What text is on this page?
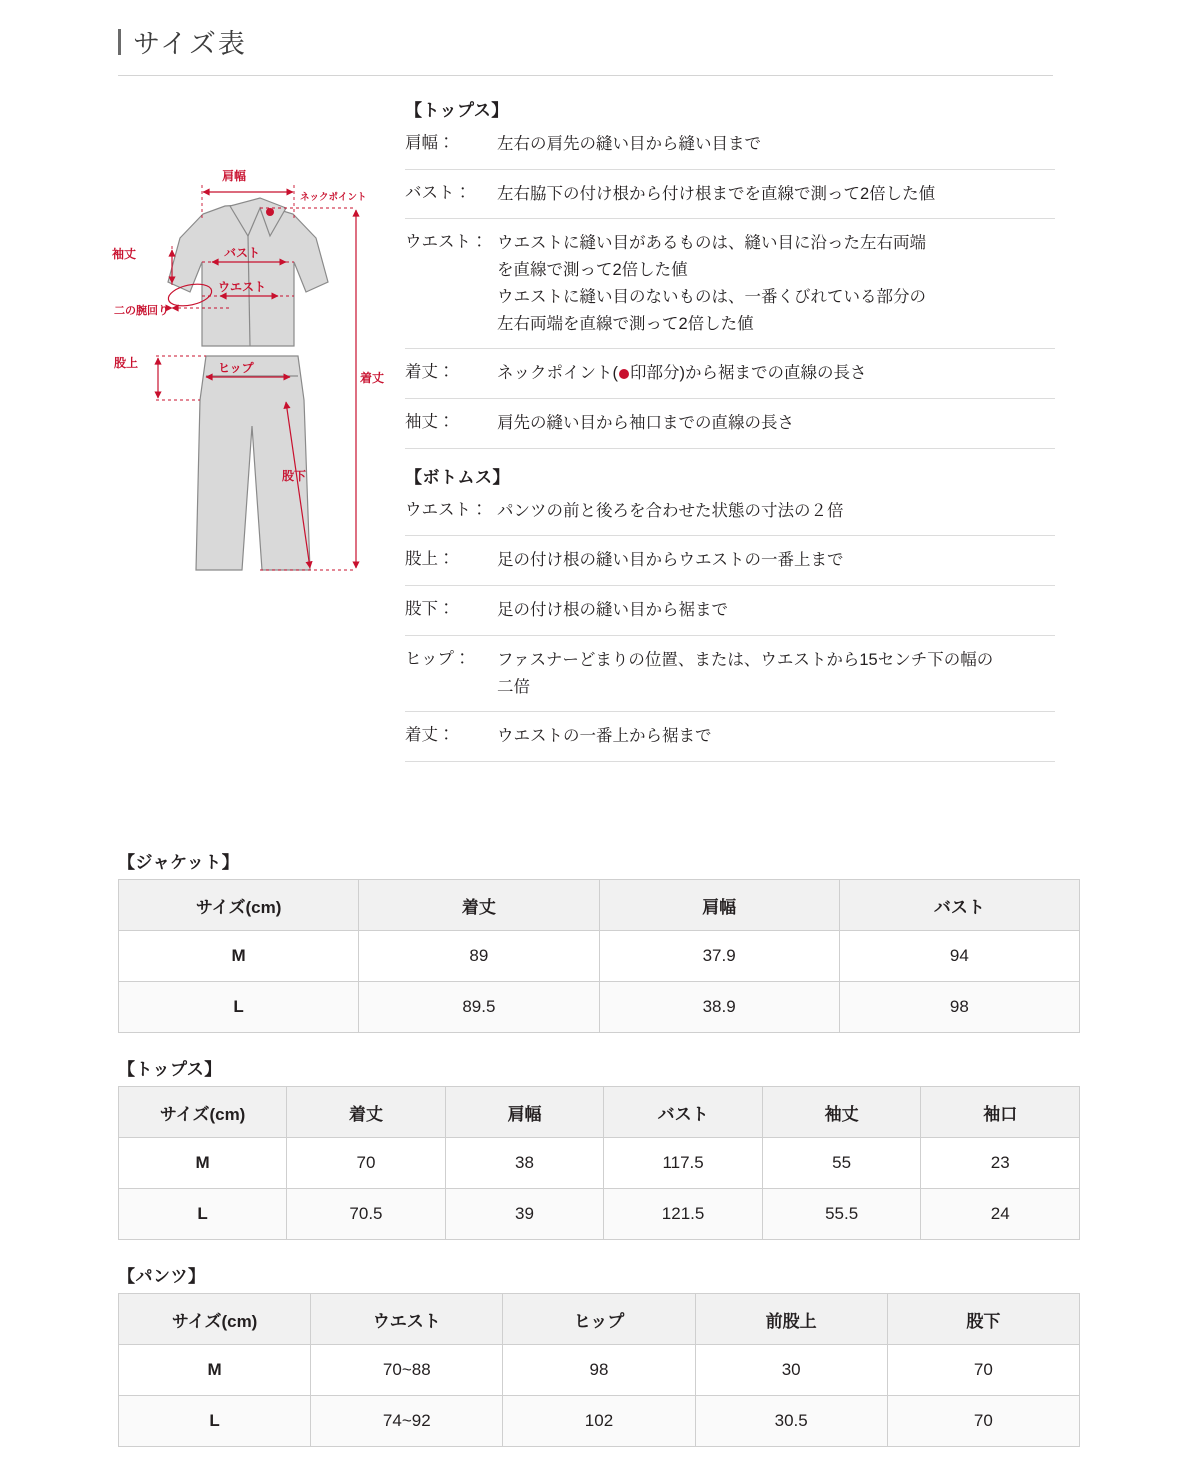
サイズ表
肩幅
ネックポイント
袖丈	バスト
ウエスト
二の腕回り
股上	ヒップ
着丈
股下
【トップス】
肩幅：	左右の肩先の縫い目から縫い目まで
バスト：	左右脇下の付け根から付け根までを直線で測って2倍した値
ウエスト： ウエストに縫い目があるものは、縫い目に沿った左右両端
を直線で測って2倍した値
ウエストに縫い目のないものは、一番くびれている部分の
左右両端を直線で測って2倍した値
着丈：	ネックポイント( 印部分)から裾までの直線の長さ
袖丈：	肩先の縫い目から袖口までの直線の長さ
【ボトムス】
ウエスト： パンツの前と後ろを合わせた状態の寸法の２倍
股上：	足の付け根の縫い目からウエストの一番上まで
股下：	足の付け根の縫い目から裾まで
ヒップ：	ファスナーどまりの位置、または、ウエストから15センチ下の幅の
二倍
着丈：	ウエストの一番上から裾まで
【ジャケット】
サイズ(cm)	着丈	肩幅	バスト
M	89	37.9	94
L	89.5	38.9	98
【トップス】
サイズ(cm)	着丈	肩幅	バスト	袖丈	袖口
M	70	38	117.5	55	23
L	70.5	39	121.5	55.5	24
【パンツ】
サイズ(cm)	ウエスト	ヒップ	前股上	股下
M	70~88	98	30	70
L	74~92	102	30.5	70
